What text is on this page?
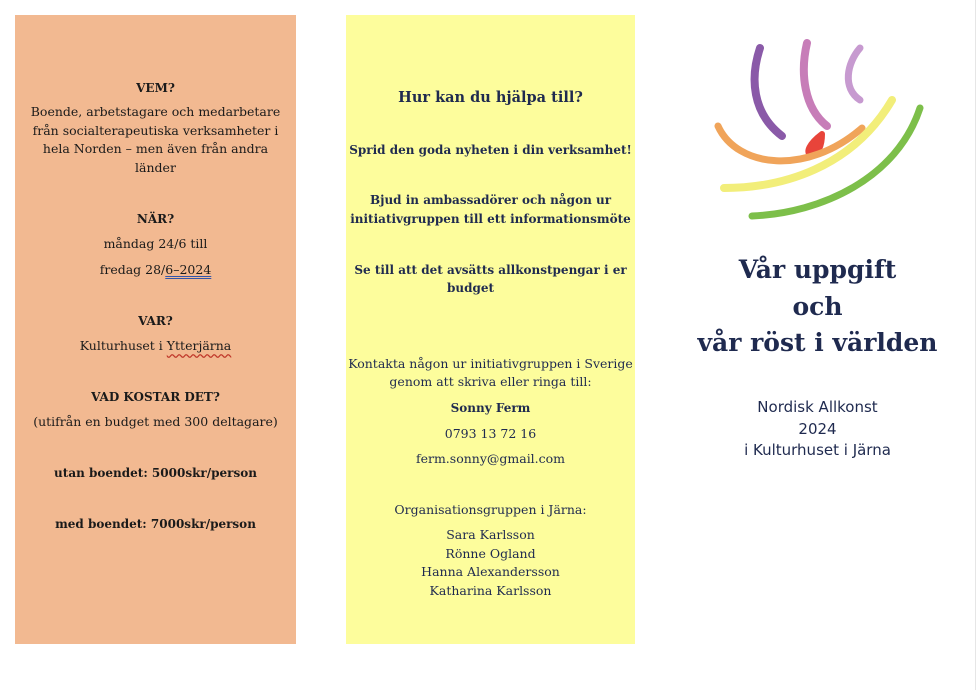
VEM?

Boende, arbetstagare och medarbetare

från socialterapeutiska verksamheter i

hela Norden – men även från andra

länder

NÄR?

måndag 24/6 till

fredag 28/6–2024

VAR?

Kulturhuset i Ytterjärna

VAD KOSTAR DET?

(utifrån en budget med 300 deltagare)

utan boendet: 5000skr/person

med boendet: 7000skr/person

Hur kan du hjälpa till?

Sprid den goda nyheten i din verksamhet!

Bjud in ambassadörer och någon ur

initiativgruppen till ett informationsmöte

Se till att det avsätts allkonstpengar i er

budget

Kontakta någon ur initiativgruppen i Sverige

genom att skriva eller ringa till:

Sonny Ferm

0793 13 72 16

ferm.sonny@gmail.com

Organisationsgruppen i Järna:

Sara Karlsson

Rönne Ogland

Hanna Alexandersson

Katharina Karlsson

Vår uppgift
och
vår röst i världen
Nordisk Allkonst
2024
i Kulturhuset i Järna
